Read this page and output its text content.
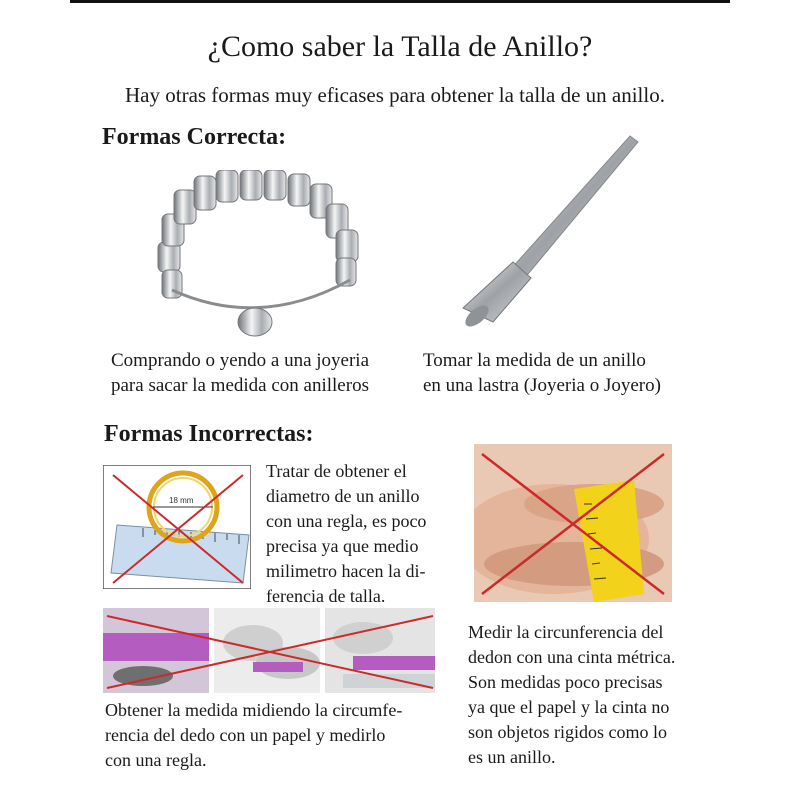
¿Como saber la Talla de Anillo?
Hay otras formas muy eficases para obtener la talla de un anillo.
Formas Correcta:
Comprando o yendo a una joyeria
para sacar la medida con anilleros
Tomar la medida de un anillo
en una lastra (Joyeria o Joyero)
Formas Incorrectas:
18 mm
Tratar de obtener el
diametro de un anillo
con una regla, es poco
precisa ya que medio
milimetro hacen la di-
ferencia de talla.
Obtener la medida midiendo la circumfe-
rencia del dedo con un papel y medirlo
con una regla.
Medir la circunferencia del
dedon con una cinta métrica.
Son medidas poco precisas
ya que el papel y la cinta no
son objetos rigidos como lo
es un anillo.
